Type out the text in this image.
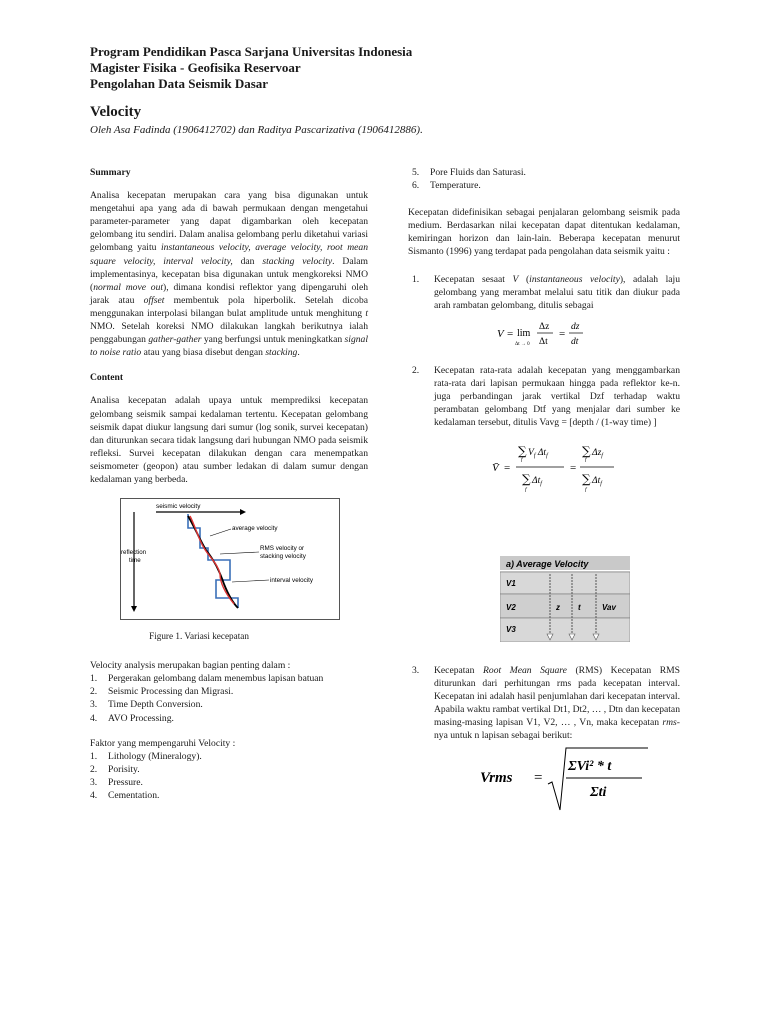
Program Pendidikan Pasca Sarjana Universitas Indonesia
Magister Fisika - Geofisika Reservoar
Pengolahan Data Seismik Dasar
Velocity
Oleh Asa Fadinda (1906412702) dan Raditya Pascarizativa (1906412886).
Summary

Analisa kecepatan merupakan cara yang bisa digunakan untuk mengetahui apa yang ada di bawah permukaan dengan mengetahui parameter-parameter yang dapat digambarkan oleh kecepatan gelombang itu sendiri. Dalam analisa gelombang perlu diketahui variasi gelombang yaitu instantaneous velocity, average velocity, root mean square velocity, interval velocity, dan stacking velocity. Dalam implementasinya, kecepatan bisa digunakan untuk mengkoreksi NMO (normal move out), dimana kondisi reflektor yang dipengaruhi oleh jarak atau offset membentuk pola hiperbolik. Setelah dicoba menggunakan interpolasi bilangan bulat amplitude untuk menghitung t NMO. Setelah koreksi NMO dilakukan langkah berikutnya ialah penggabungan gather-gather yang berfungsi untuk meningkatkan signal to noise ratio atau yang biasa disebut dengan stacking.

Content

Analisa kecepatan adalah upaya untuk memprediksi kecepatan gelombang seismik sampai kedalaman tertentu. Kecepatan gelombang seismik dapat diukur langsung dari sumur (log sonik, survei kecepatan) dan diturunkan secara tidak langsung dari hubungan NMO pada seismik refleksi. Survei kecepatan dilakukan dengan cara menempatkan seismometer (geopon) atau sumber ledakan di dalam sumur dengan kedalaman yang berbeda.

seismic velocity
reflection
time
average velocity
RMS velocity or
stacking velocity
interval velocity
Figure 1. Variasi kecepatan

Velocity analysis merupakan bagian penting dalam :

1. Pergerakan gelombang dalam menembus lapisan batuan
2. Seismic Processing dan Migrasi.
3. Time Depth Conversion.
4. AVO Processing.

Faktor yang mempengaruhi Velocity :

1. Lithology (Mineralogy).
2. Porisity.
3. Pressure.
4. Cementation.
5. Pore Fluids dan Saturasi.
6. Temperature.

Kecepatan didefinisikan sebagai penjalaran gelombang seismik pada medium. Berdasarkan nilai kecepatan dapat ditentukan kedalaman, kemiringan horizon dan lain-lain. Beberapa kecepatan menurut Sismanto (1996) yang terdapat pada pengolahan data seismik yaitu :

1. Kecepatan sesaat V (instantaneous velocity), adalah laju gelombang yang merambat melalui satu titik dan diukur pada arah rambatan gelombang, ditulis sebagai
V = lim
Δt → 0
Δz
Δt
=
dz
dt
2. Kecepatan rata-rata adalah kecepatan yang menggambarkan rata-rata dari lapisan permukaan hingga pada reflektor ke-n. juga perbandingan jarak vertikal Dzf terhadap waktu perambatan gelombang Dtf yang menjalar dari sumber ke kedalaman tersebut, ditulis Vavg = [depth / (1-way time) ]
V̄ =
∑ $V_f$ $\Delta t_f$
f
∑ $\Delta t_f$
f
=
∑ $\Delta z_f$
f
∑ $\Delta t_f$
f
a) Average Velocity
V1
V2
V3
z t	Vav
3. Kecepatan Root Mean Square (RMS) Kecepatan RMS diturunkan dari perhitungan rms pada kecepatan interval. Kecepatan ini adalah hasil penjumlahan dari kecepatan interval. Apabila waktu rambat vertikal Dt1, Dt2, … , Dtn dan kecepatan masing-masing lapisan V1, V2, … , Vn, maka kecepatan rms-nya untuk n lapisan sebagai berikut:
Vrms =
ΣVi² * t
Σti
